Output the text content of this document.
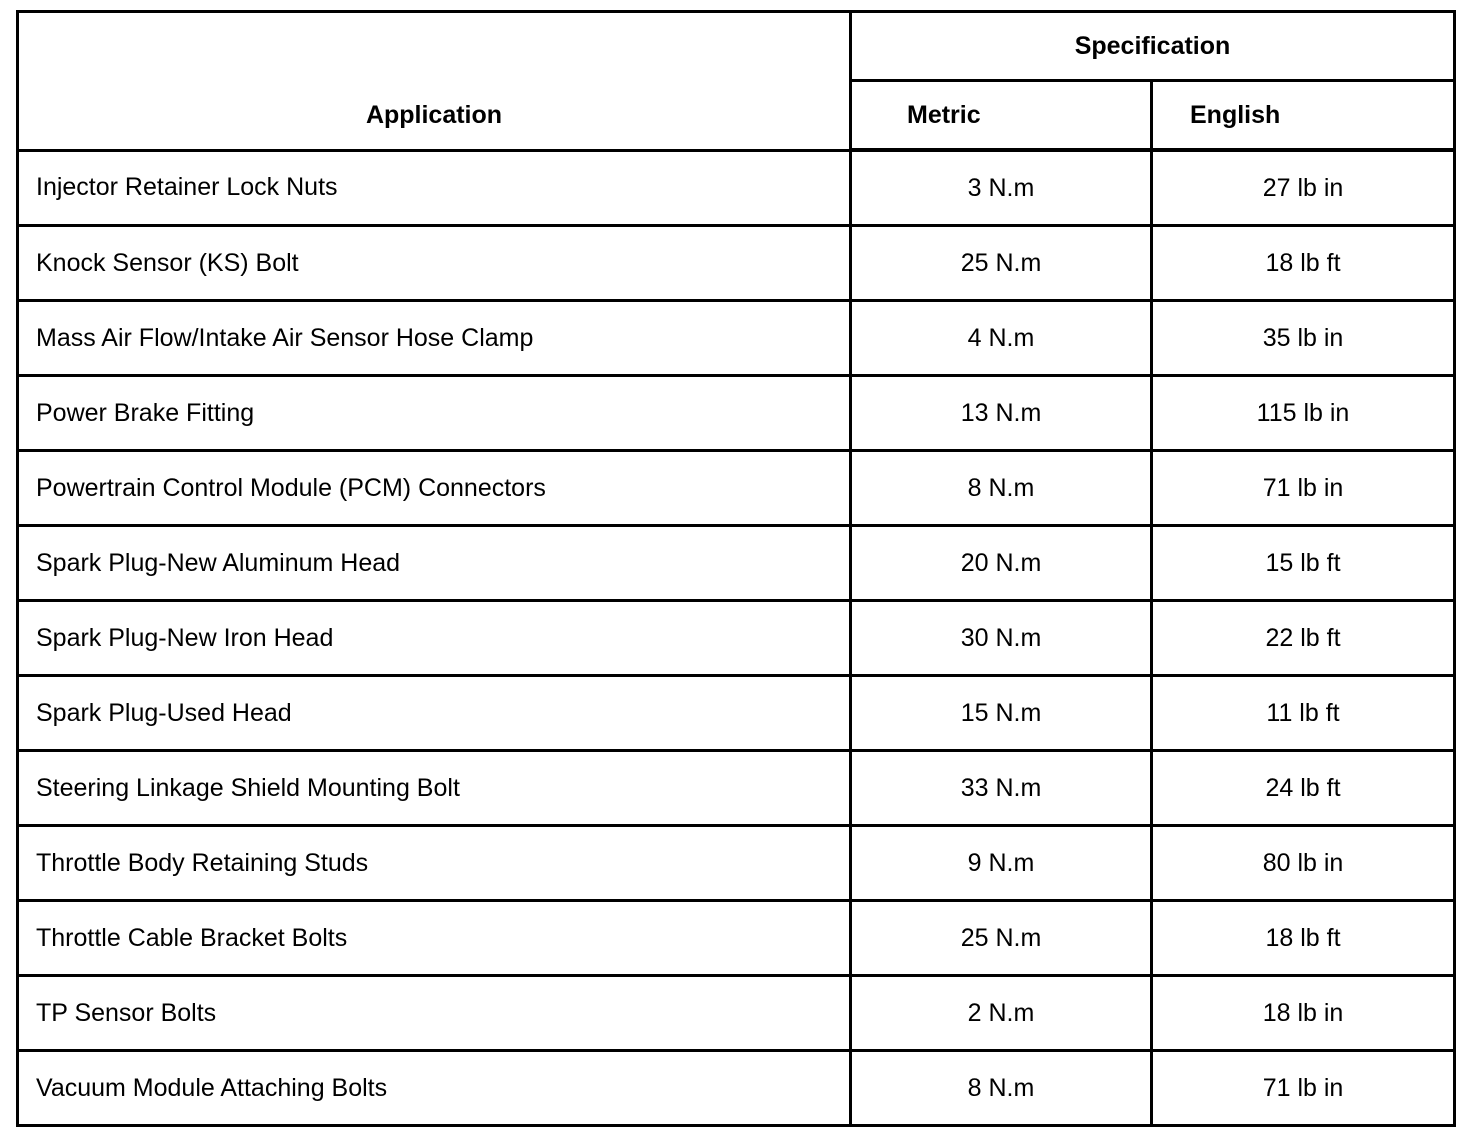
Application	Specification	
	Metric	English
Injector Retainer Lock Nuts	3 N.m	27 lb in
Knock Sensor (KS) Bolt	25 N.m	18 lb ft
Mass Air Flow/Intake Air Sensor Hose Clamp	4 N.m	35 lb in
Power Brake Fitting	13 N.m	115 lb in
Powertrain Control Module (PCM) Connectors	8 N.m	71 lb in
Spark Plug-New Aluminum Head	20 N.m	15 lb ft
Spark Plug-New Iron Head	30 N.m	22 lb ft
Spark Plug-Used Head	15 N.m	11 lb ft
Steering Linkage Shield Mounting Bolt	33 N.m	24 lb ft
Throttle Body Retaining Studs	9 N.m	80 lb in
Throttle Cable Bracket Bolts	25 N.m	18 lb ft
TP Sensor Bolts	2 N.m	18 lb in
Vacuum Module Attaching Bolts	8 N.m	71 lb in
